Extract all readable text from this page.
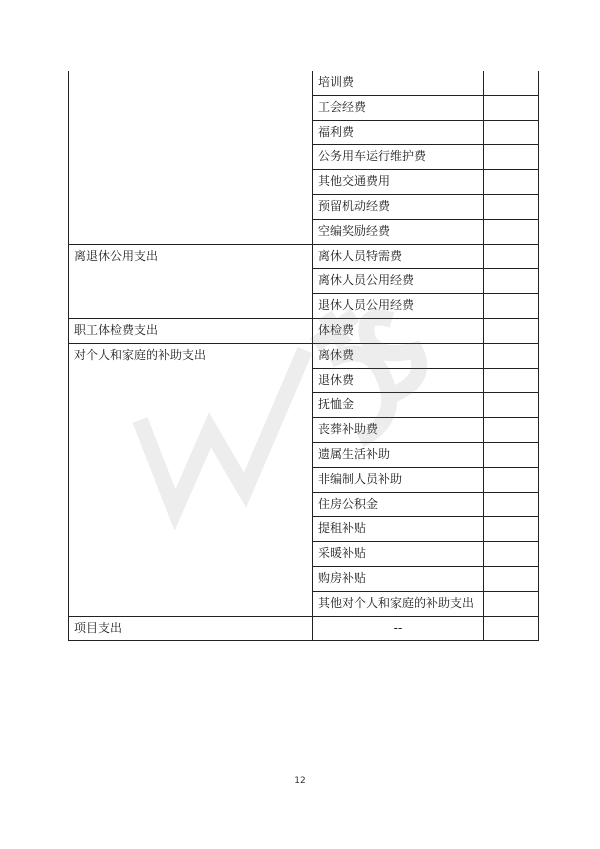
	培训费	
	工会经费	
	福利费	
	公务用车运行维护费	
	其他交通费用	
	预留机动经费	
	空编奖励经费	
离退休公用支出	离休人员特需费	
	离休人员公用经费	
	退休人员公用经费	
职工体检费支出	体检费	
对个人和家庭的补助支出	离休费	
	退休费	
	抚恤金	
	丧葬补助费	
	遗属生活补助	
	非编制人员补助	
	住房公积金	
	提租补贴	
	采暖补贴	
	购房补贴	
	其他对个人和家庭的补助支出	
项目支出	--	
12
